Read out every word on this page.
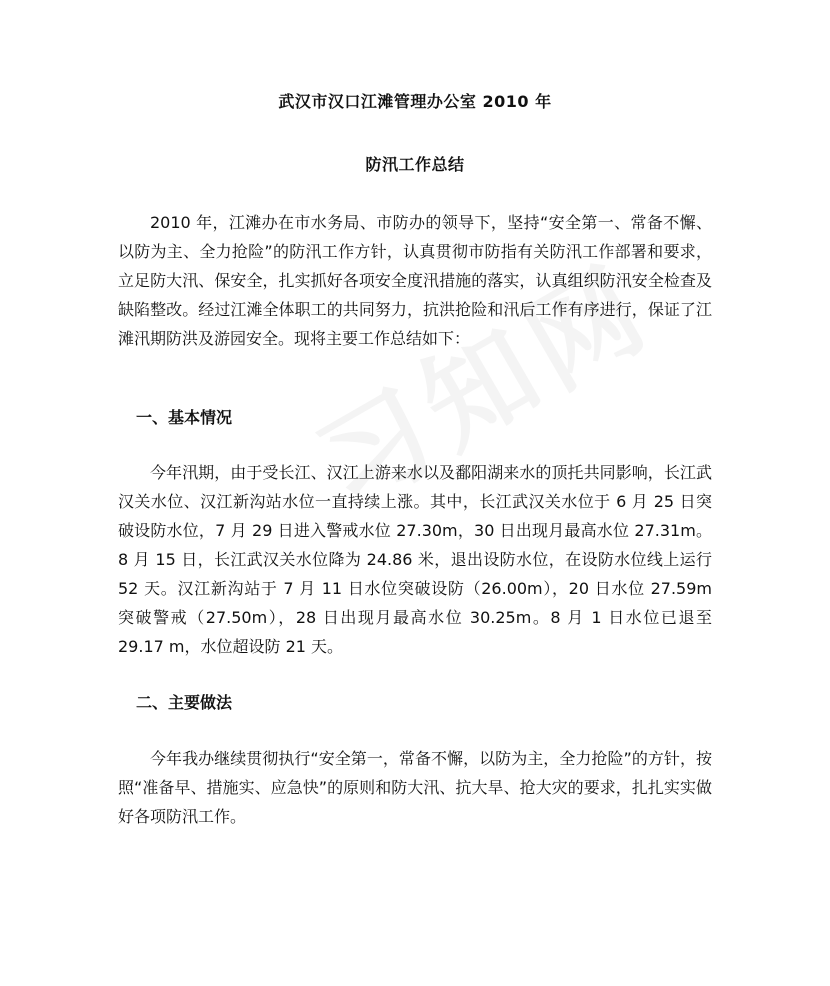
武汉市汉口江滩管理办公室 2010 年
防汛工作总结
2010 年，江滩办在市水务局、市防办的领导下，坚持“安全第一、常备不懈、以防为主、全力抢险”的防汛工作方针，认真贯彻市防指有关防汛工作部署和要求，立足防大汛、保安全，扎实抓好各项安全度汛措施的落实，认真组织防汛安全检查及缺陷整改。经过江滩全体职工的共同努力，抗洪抢险和汛后工作有序进行，保证了江滩汛期防洪及游园安全。现将主要工作总结如下：
一、基本情况
今年汛期，由于受长江、汉江上游来水以及鄱阳湖来水的顶托共同影响，长江武汉关水位、汉江新沟站水位一直持续上涨。其中，长江武汉关水位于 6 月 25 日突破设防水位，7 月 29 日进入警戒水位 27.30m，30 日出现月最高水位 27.31m。8 月 15 日，长江武汉关水位降为 24.86 米，退出设防水位，在设防水位线上运行 52 天。汉江新沟站于 7 月 11 日水位突破设防（26.00m），20 日水位 27.59m 突破警戒（27.50m），28 日出现月最高水位 30.25m。8 月 1 日水位已退至 29.17 m，水位超设防 21 天。
二、主要做法
今年我办继续贯彻执行“安全第一，常备不懈，以防为主，全力抢险”的方针，按照“准备早、措施实、应急快”的原则和防大汛、抗大旱、抢大灾的要求，扎扎实实做好各项防汛工作。
